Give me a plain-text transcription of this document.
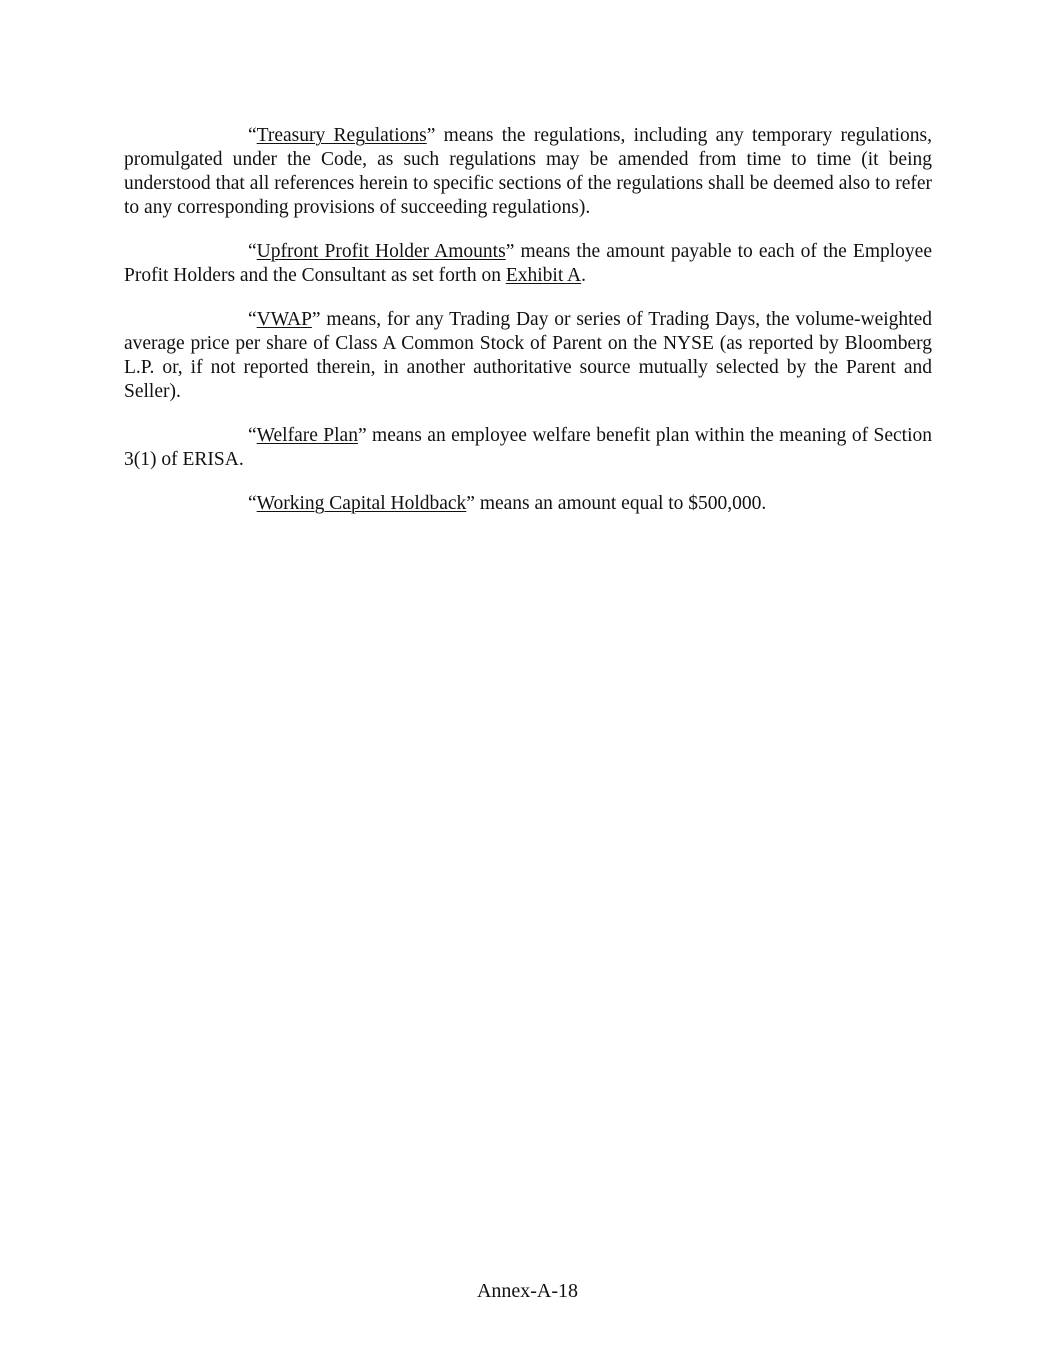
“Treasury Regulations” means the regulations, including any temporary regulations, promulgated under the Code, as such regulations may be amended from time to time (it being understood that all references herein to specific sections of the regulations shall be deemed also to refer to any corresponding provisions of succeeding regulations).

“Upfront Profit Holder Amounts” means the amount payable to each of the Employee Profit Holders and the Consultant as set forth on Exhibit A.

“VWAP” means, for any Trading Day or series of Trading Days, the volume-weighted average price per share of Class A Common Stock of Parent on the NYSE (as reported by Bloomberg L.P. or, if not reported therein, in another authoritative source mutually selected by the Parent and Seller).

“Welfare Plan” means an employee welfare benefit plan within the meaning of Section 3(1) of ERISA.

“Working Capital Holdback” means an amount equal to $500,000.

Annex-A-18
